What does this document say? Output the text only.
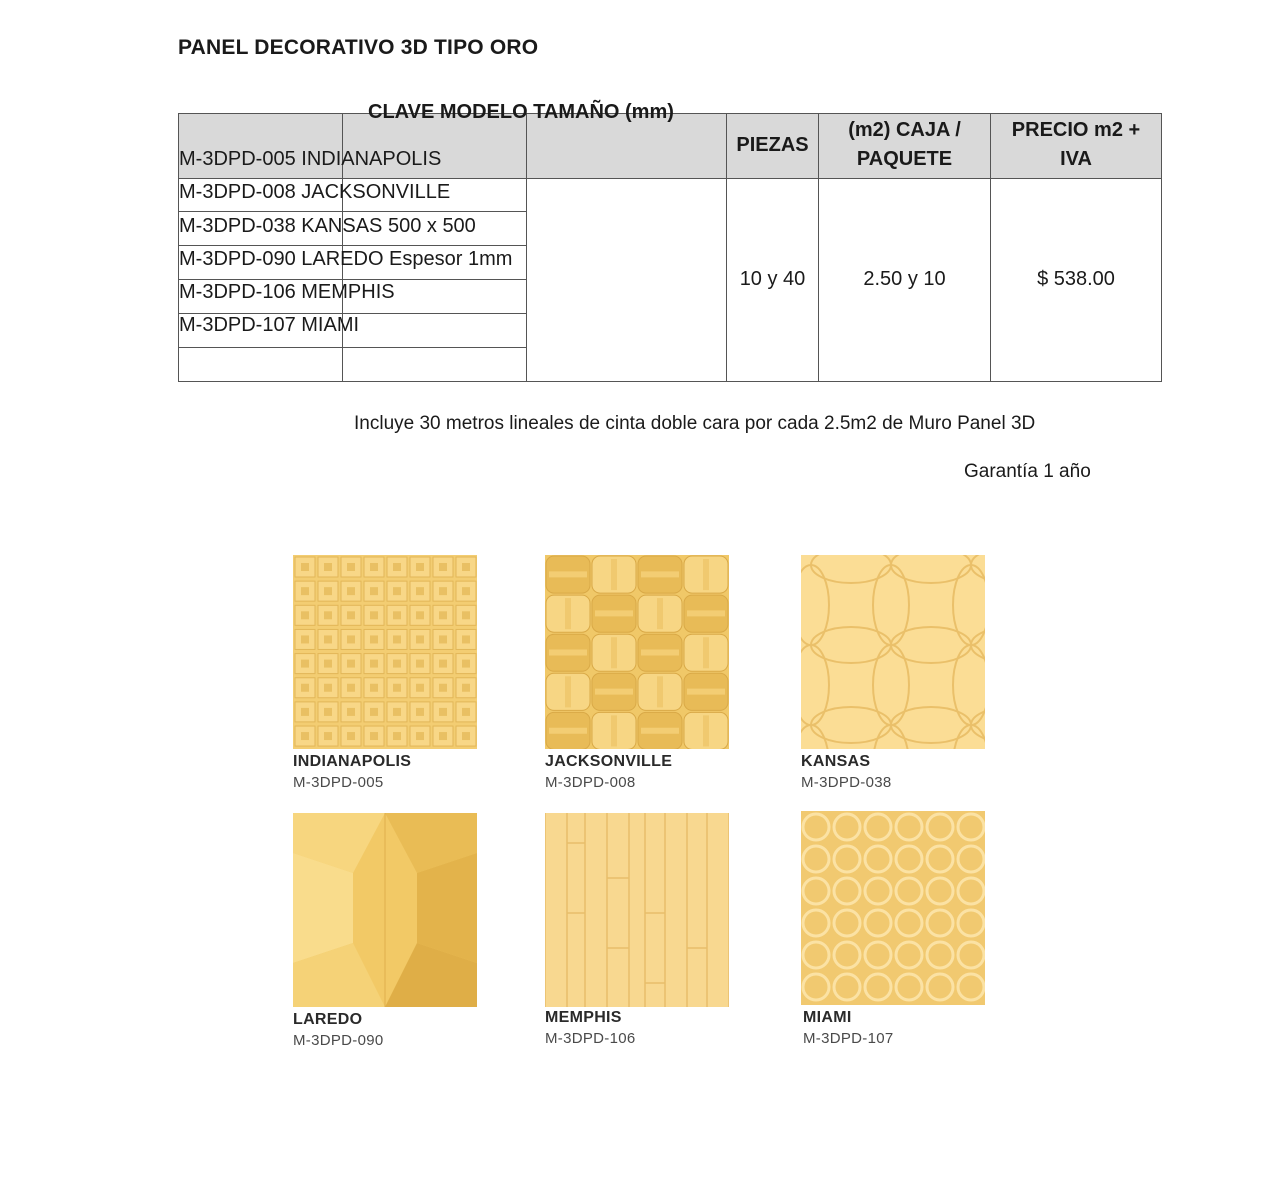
PANEL DECORATIVO 3D TIPO ORO
CLAVE MODELO TAMAÑO (mm)
PIEZAS
(m2) CAJA /
PAQUETE
PRECIO m2 +
IVA
M-3DPD-005 INDIANAPOLIS
M-3DPD-008 JACKSONVILLE
M-3DPD-038 KANSAS 500 x 500
M-3DPD-090 LAREDO Espesor 1mm
M-3DPD-106 MEMPHIS
M-3DPD-107 MIAMI
10 y 40	2.50 y 10	$ 538.00
Incluye 30 metros lineales de cinta doble cara por cada 2.5m2 de Muro Panel 3D
Garantía 1 año
INDIANAPOLIS
M-3DPD-005
JACKSONVILLE
M-3DPD-008
KANSAS
M-3DPD-038
LAREDO
M-3DPD-090
MEMPHIS
M-3DPD-106
MIAMI
M-3DPD-107
